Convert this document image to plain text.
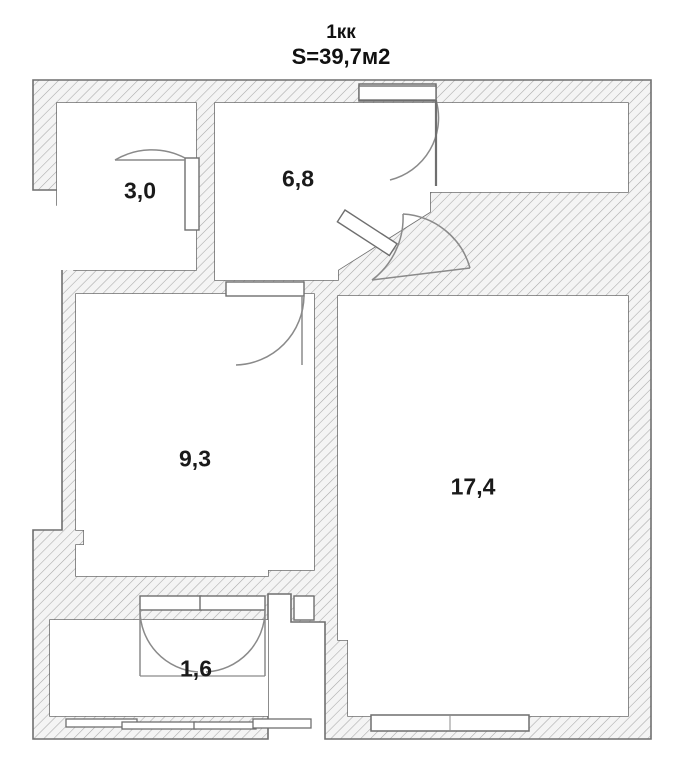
1кк
S=39,7м2
3,0	6,8
9,3
17,4
1,6
